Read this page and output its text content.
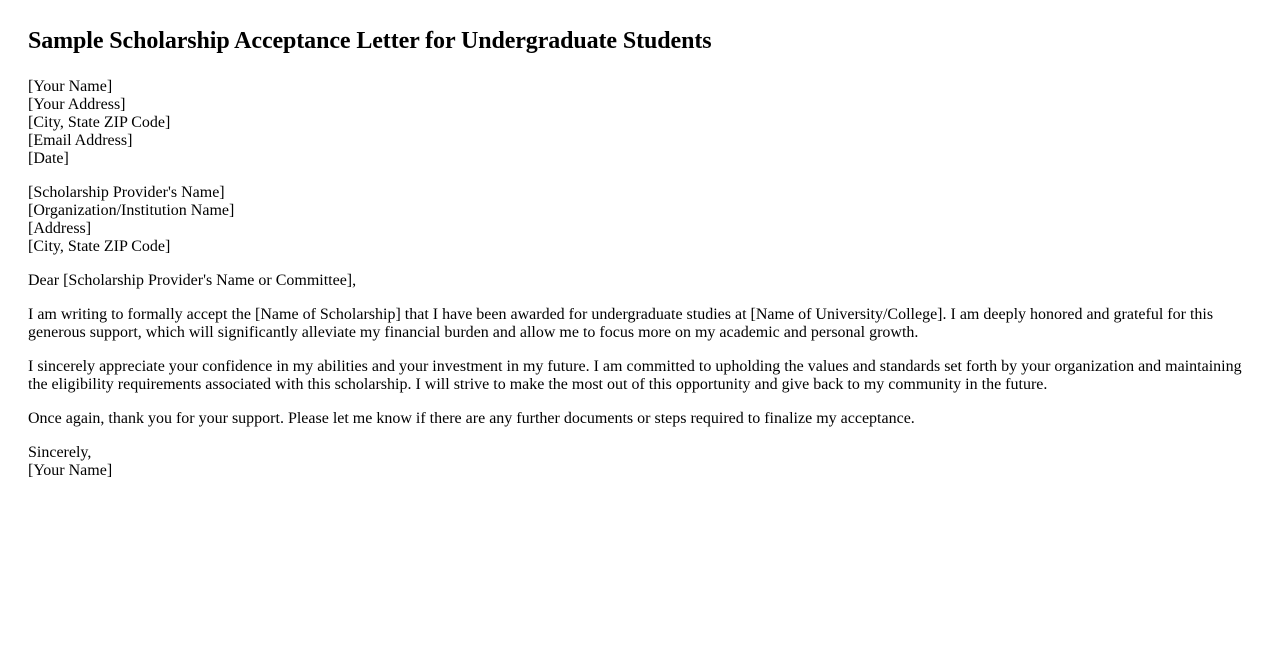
Sample Scholarship Acceptance Letter for Undergraduate Students
[Your Name]
[Your Address]
[City, State ZIP Code]
[Email Address]
[Date]
[Scholarship Provider's Name]
[Organization/Institution Name]
[Address]
[City, State ZIP Code]

Dear [Scholarship Provider's Name or Committee],

I am writing to formally accept the [Name of Scholarship] that I have been awarded for undergraduate studies at [Name of University/College]. I am deeply honored and grateful for this generous support, which will significantly alleviate my financial burden and allow me to focus more on my academic and personal growth.

I sincerely appreciate your confidence in my abilities and your investment in my future. I am committed to upholding the values and standards set forth by your organization and maintaining the eligibility requirements associated with this scholarship. I will strive to make the most out of this opportunity and give back to my community in the future.

Once again, thank you for your support. Please let me know if there are any further documents or steps required to finalize my acceptance.

Sincerely,
[Your Name]
